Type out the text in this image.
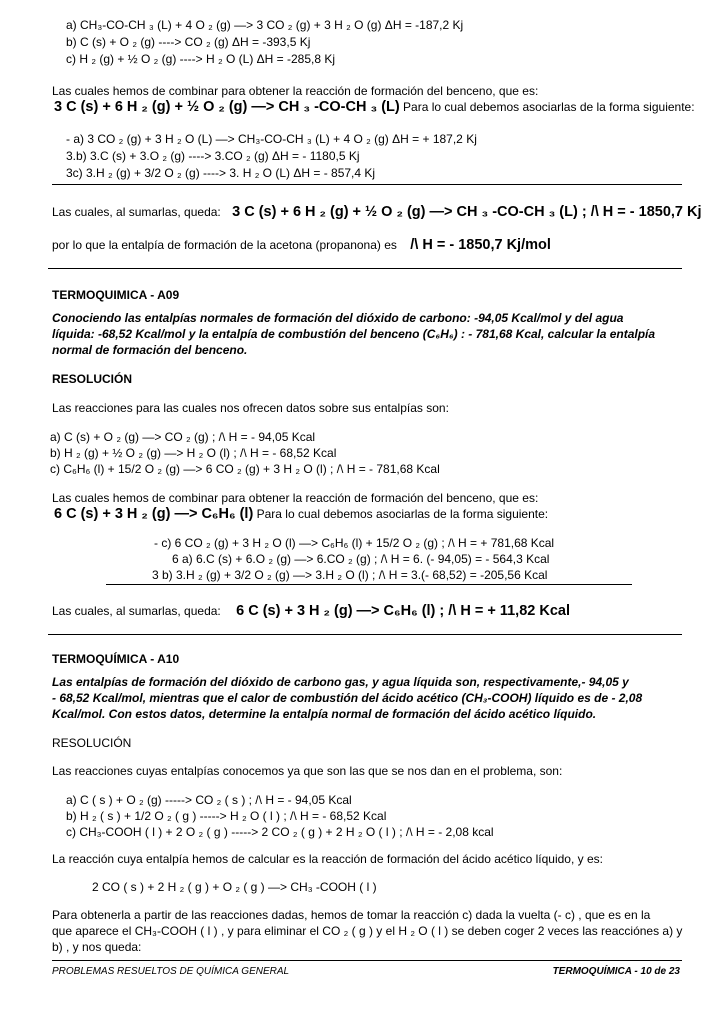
a) CH₃-CO-CH ₃ (L) + 4 O ₂ (g) —> 3 CO ₂ (g) + 3 H ₂ O (g) ΔH = -187,2 Kj
b) C (s) + O ₂ (g) ----> CO ₂ (g) ΔH = -393,5 Kj
c) H ₂ (g) + ½ O ₂ (g) ----> H ₂ O (L) ΔH = -285,8 Kj
Las cuales hemos de combinar para obtener la reacción de formación del benceno, que es:
3 C (s) + 6 H ₂ (g) + ½ O ₂ (g) —> CH ₃ -CO-CH ₃ (L) Para lo cual debemos asociarlas de la forma siguiente:
- a) 3 CO ₂ (g) + 3 H ₂ O (L) —> CH₃-CO-CH ₃ (L) + 4 O ₂ (g) ΔH = + 187,2 Kj
3.b) 3.C (s) + 3.O ₂ (g) ----> 3.CO ₂ (g) ΔH = - 1180,5 Kj
3c) 3.H ₂ (g) + 3/2 O ₂ (g) ----> 3. H ₂ O (L) ΔH = - 857,4 Kj
Las cuales, al sumarlas, queda: 3 C (s) + 6 H ₂ (g) + ½ O ₂ (g) —> CH ₃ -CO-CH ₃ (L) ; /\ H = - 1850,7 Kj
por lo que la entalpía de formación de la acetona (propanona) es /\ H = - 1850,7 Kj/mol
TERMOQUIMICA - A09
Conociendo las entalpías normales de formación del dióxido de carbono: -94,05 Kcal/mol y del agua
líquida: -68,52 Kcal/mol y la entalpía de combustión del benceno (C₆H₆) : - 781,68 Kcal, calcular la entalpía
normal de formación del benceno.
RESOLUCIÓN
Las reacciones para las cuales nos ofrecen datos sobre sus entalpías son:
a) C (s) + O ₂ (g) —> CO ₂ (g) ; /\ H = - 94,05 Kcal
b) H ₂ (g) + ½ O ₂ (g) —> H ₂ O (l) ; /\ H = - 68,52 Kcal
c) C₆H₆ (l) + 15/2 O ₂ (g) —> 6 CO ₂ (g) + 3 H ₂ O (l) ; /\ H = - 781,68 Kcal
Las cuales hemos de combinar para obtener la reacción de formación del benceno, que es:
6 C (s) + 3 H ₂ (g) —> C₆H₆ (l) Para lo cual debemos asociarlas de la forma siguiente:
- c) 6 CO ₂ (g) + 3 H ₂ O (l) —> C₆H₆ (l) + 15/2 O ₂ (g) ; /\ H = + 781,68 Kcal
6 a) 6.C (s) + 6.O ₂ (g) —> 6.CO ₂ (g) ; /\ H = 6. (- 94,05) = - 564,3 Kcal
3 b) 3.H ₂ (g) + 3/2 O ₂ (g) —> 3.H ₂ O (l) ; /\ H = 3.(- 68,52) = -205,56 Kcal
Las cuales, al sumarlas, queda: 6 C (s) + 3 H ₂ (g) —> C₆H₆ (l) ; /\ H = + 11,82 Kcal
TERMOQUÍMICA - A10
Las entalpías de formación del dióxido de carbono gas, y agua líquida son, respectivamente,- 94,05 y
- 68,52 Kcal/mol, mientras que el calor de combustión del ácido acético (CH₃-COOH) líquido es de - 2,08
Kcal/mol. Con estos datos, determine la entalpía normal de formación del ácido acético líquido.
RESOLUCIÓN
Las reacciones cuyas entalpías conocemos ya que son las que se nos dan en el problema, son:
a) C ( s ) + O ₂ (g) -----> CO ₂ ( s ) ; /\ H = - 94,05 Kcal
b) H ₂ ( s ) + 1/2 O ₂ ( g ) -----> H ₂ O ( l ) ; /\ H = - 68,52 Kcal
c) CH₃-COOH ( l ) + 2 O ₂ ( g ) -----> 2 CO ₂ ( g ) + 2 H ₂ O ( l ) ; /\ H = - 2,08 kcal
La reacción cuya entalpía hemos de calcular es la reacción de formación del ácido acético líquido, y es:
2 CO ( s ) + 2 H ₂ ( g ) + O ₂ ( g ) —> CH₃ -COOH ( l )
Para obtenerla a partir de las reacciones dadas, hemos de tomar la reacción c) dada la vuelta (- c) , que es en la
que aparece el CH₃-COOH ( l ) , y para eliminar el CO ₂ ( g ) y el H ₂ O ( l ) se deben coger 2 veces las reacciónes a) y
b) , y nos queda:
PROBLEMAS RESUELTOS DE QUÍMICA GENERAL	TERMOQUÍMICA - 10 de 23
